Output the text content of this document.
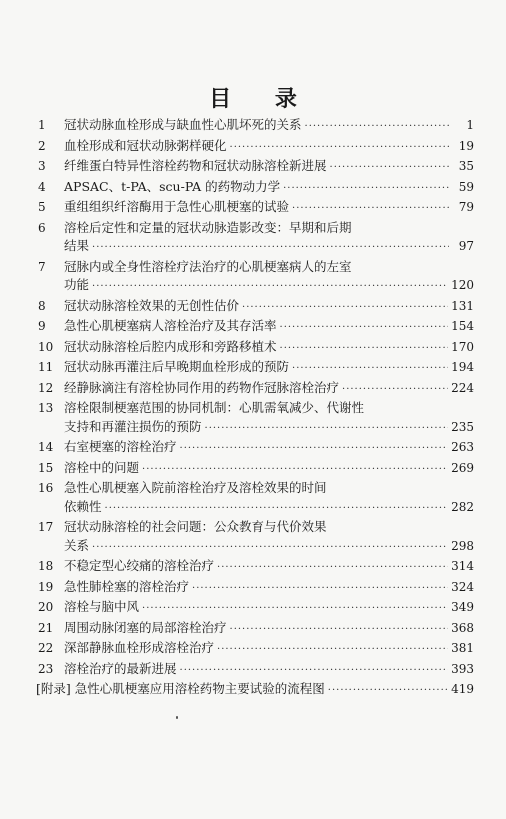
目 录
1	冠状动脉血栓形成与缺血性心肌坏死的关系 ·····	1
2	血栓形成和冠状动脉粥样硬化 ·····	19
3	纤维蛋白特异性溶栓药物和冠状动脉溶栓新进展 ·····	35
4	APSAC、t-PA、scu-PA 的药物动力学 ·····	59
5	重组组织纤溶酶用于急性心肌梗塞的试验 ·····	79
6	溶栓后定性和定量的冠状动脉造影改变：早期和后期
结果 ·····	97
7	冠脉内或全身性溶栓疗法治疗的心肌梗塞病人的左室
功能 ·····	120
8	冠状动脉溶栓效果的无创性估价 ·····	131
9	急性心肌梗塞病人溶栓治疗及其存活率 ·····	154
10 冠状动脉溶栓后腔内成形和旁路移植术 ·····	170
11 冠状动脉再灌注后早晚期血栓形成的预防 ·····	194
12 经静脉滴注有溶栓协同作用的药物作冠脉溶栓治疗 ·····	224
13 溶栓限制梗塞范围的协同机制：心肌需氧减少、代谢性
支持和再灌注损伤的预防 ·····	235
14 右室梗塞的溶栓治疗 ·····	263
15 溶栓中的问题 ·····	269
16 急性心肌梗塞入院前溶栓治疗及溶栓效果的时间
依赖性 ·····	282
17 冠状动脉溶栓的社会问题：公众教育与代价效果
关系 ·····	298
18 不稳定型心绞痛的溶栓治疗 ·····	314
19 急性肺栓塞的溶栓治疗 ·····	324
20 溶栓与脑中风 ·····	349
21 周围动脉闭塞的局部溶栓治疗 ·····	368
22 深部静脉血栓形成溶栓治疗 ·····	381
23 溶栓治疗的最新进展 ·····	393
[附录] 急性心肌梗塞应用溶栓药物主要试验的流程图 ·····	419
